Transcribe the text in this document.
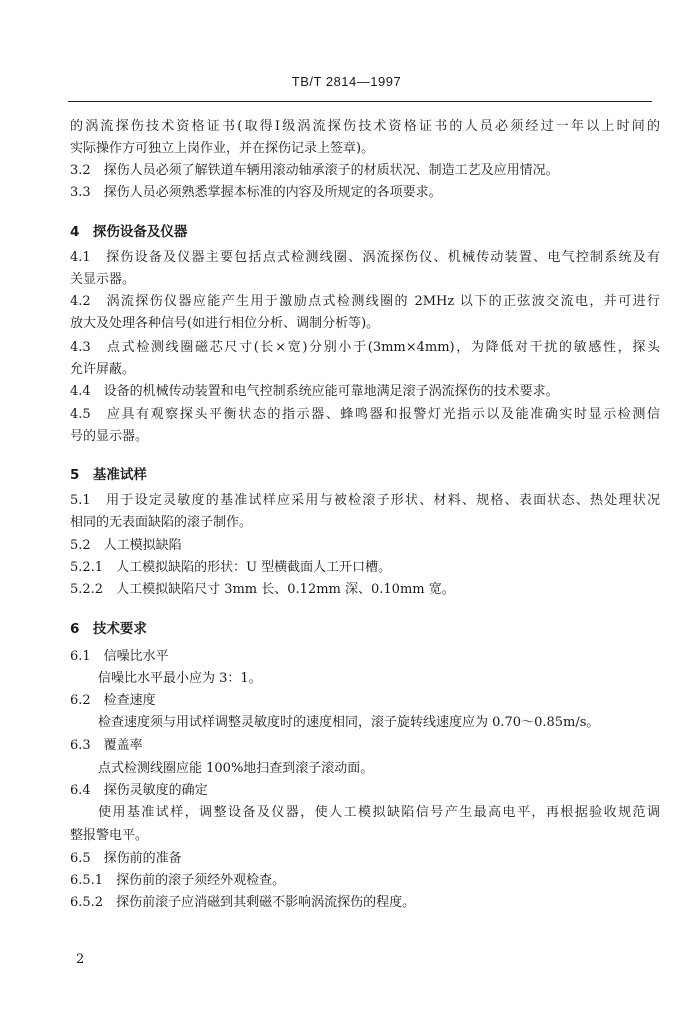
TB/T 2814—1997
的涡流探伤技术资格证书(取得Ⅰ级涡流探伤技术资格证书的人员必须经过一年以上时间的
实际操作方可独立上岗作业，并在探伤记录上签章)。
3.2　探伤人员必须了解铁道车辆用滚动轴承滚子的材质状况、制造工艺及应用情况。
3.3　探伤人员必须熟悉掌握本标准的内容及所规定的各项要求。
4　探伤设备及仪器
4.1　探伤设备及仪器主要包括点式检测线圈、涡流探伤仪、机械传动装置、电气控制系统及有
关显示器。
4.2　涡流探伤仪器应能产生用于激励点式检测线圈的 2MHz 以下的正弦波交流电，并可进行
放大及处理各种信号(如进行相位分析、调制分析等)。
4.3　点式检测线圈磁芯尺寸(长×宽)分别小于(3mm×4mm)，为降低对干扰的敏感性，探头
允许屏蔽。
4.4　设备的机械传动装置和电气控制系统应能可靠地满足滚子涡流探伤的技术要求。
4.5　应具有观察探头平衡状态的指示器、蜂鸣器和报警灯光指示以及能准确实时显示检测信
号的显示器。
5　基准试样
5.1　用于设定灵敏度的基准试样应采用与被检滚子形状、材料、规格、表面状态、热处理状况
相同的无表面缺陷的滚子制作。
5.2　人工模拟缺陷
5.2.1　人工模拟缺陷的形状：U 型横截面人工开口槽。
5.2.2　人工模拟缺陷尺寸 3mm 长、0.12mm 深、0.10mm 宽。
6　技术要求
6.1　信噪比水平
信噪比水平最小应为 3：1。
6.2　检查速度
检查速度须与用试样调整灵敏度时的速度相同，滚子旋转线速度应为 0.70～0.85m/s。
6.3　覆盖率
点式检测线圈应能 100%地扫查到滚子滚动面。
6.4　探伤灵敏度的确定
使用基准试样，调整设备及仪器，使人工模拟缺陷信号产生最高电平，再根据验收规范调
整报警电平。
6.5　探伤前的准备
6.5.1　探伤前的滚子须经外观检查。
6.5.2　探伤前滚子应消磁到其剩磁不影响涡流探伤的程度。
2
